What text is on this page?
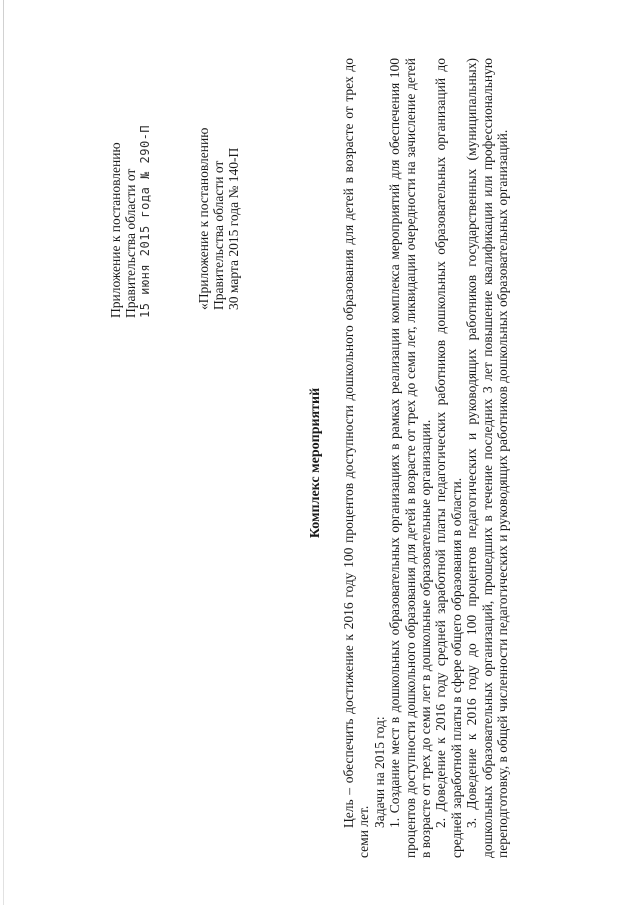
Приложение к постановлению Правительства области от 15 июня 2015 года № 290-П	«Приложение к постановлению Правительства области от 30 марта 2015 года № 140-П
Комплекс мероприятий Цель – обеспечить достижение к 2016 году 100 процентов доступности дошкольного образования для детей в возрасте от трех до семи лет.

Задачи на 2015 год: 1. Создание мест в дошкольных образовательных организациях в рамках реализации комплекса мероприятий для обеспечения 100 процентов доступности дошкольного образования для детей в возрасте от трех до семи лет, ликвидации очередности на зачисление детей в возрасте от трех до семи лет в дошкольные образовательные организации. 2. Доведение к 2016 году средней заработной платы педагогических работников дошкольных образовательных организаций до средней заработной платы в сфере общего образования в области. 3. Доведение к 2016 году до 100 процентов педагогических и руководящих работников государственных (муниципальных) дошкольных образовательных организаций, прошедших в течение последних 3 лет повышение квалификации или профессиональную переподготовку, в общей численности педагогических и руководящих работников дошкольных образовательных организаций.
